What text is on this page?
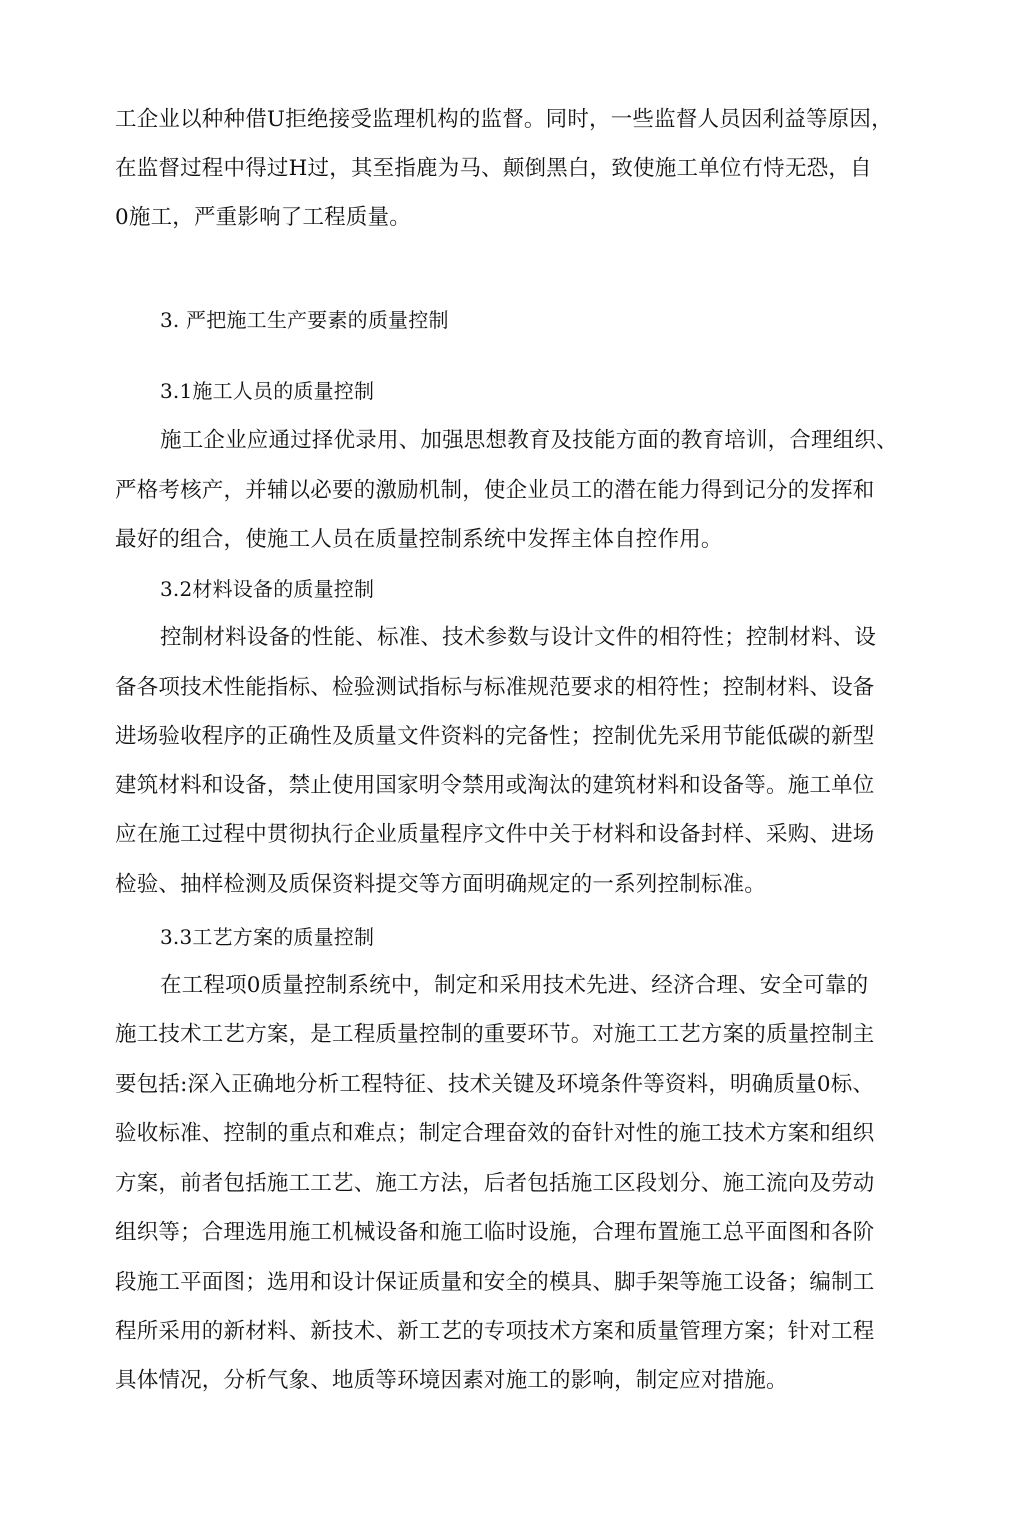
工企业以种种借U拒绝接受监理机构的监督。同时，一些监督人员因利益等原因，
在监督过程中得过H过，其至指鹿为马、颠倒黑白，致使施工单位冇恃无恐，自
0施工，严重影响了工程质量。
3. 严把施工生产要素的质量控制
3.1施工人员的质量控制
施工企业应通过择优录用、加强思想教育及技能方面的教育培训，合理组织、
严格考核产，并辅以必要的激励机制，使企业员工的潜在能力得到记分的发挥和
最好的组合，使施工人员在质量控制系统中发挥主体自控作用。
3.2材料设备的质量控制
控制材料设备的性能、标准、技术参数与设计文件的相符性；控制材料、设
备各项技术性能指标、检验测试指标与标准规范要求的相符性；控制材料、设备
进场验收程序的正确性及质量文件资料的完备性；控制优先采用节能低碳的新型
建筑材料和设备，禁止使用国家明令禁用或淘汰的建筑材料和设备等。施工单位
应在施工过程中贯彻执行企业质量程序文件中关于材料和设备封样、采购、进场
检验、抽样检测及质保资料提交等方面明确规定的一系列控制标准。
3.3工艺方案的质量控制
在工程项0质量控制系统中，制定和采用技术先进、经济合理、安全可靠的
施工技术工艺方案，是工程质量控制的重要环节。对施工工艺方案的质量控制主
要包括:深入正确地分析工程特征、技术关键及环境条件等资料，明确质量0标、
验收标准、控制的重点和难点；制定合理奋效的奋针对性的施工技术方案和组织
方案，前者包括施工工艺、施工方法，后者包括施工区段划分、施工流向及劳动
组织等；合理选用施工机械设备和施工临时设施，合理布置施工总平面图和各阶
段施工平面图；选用和设计保证质量和安全的模具、脚手架等施工设备；编制工
程所采用的新材料、新技术、新工艺的专项技术方案和质量管理方案；针对工程
具体情况，分析气象、地质等环境因素对施工的影响，制定应对措施。
